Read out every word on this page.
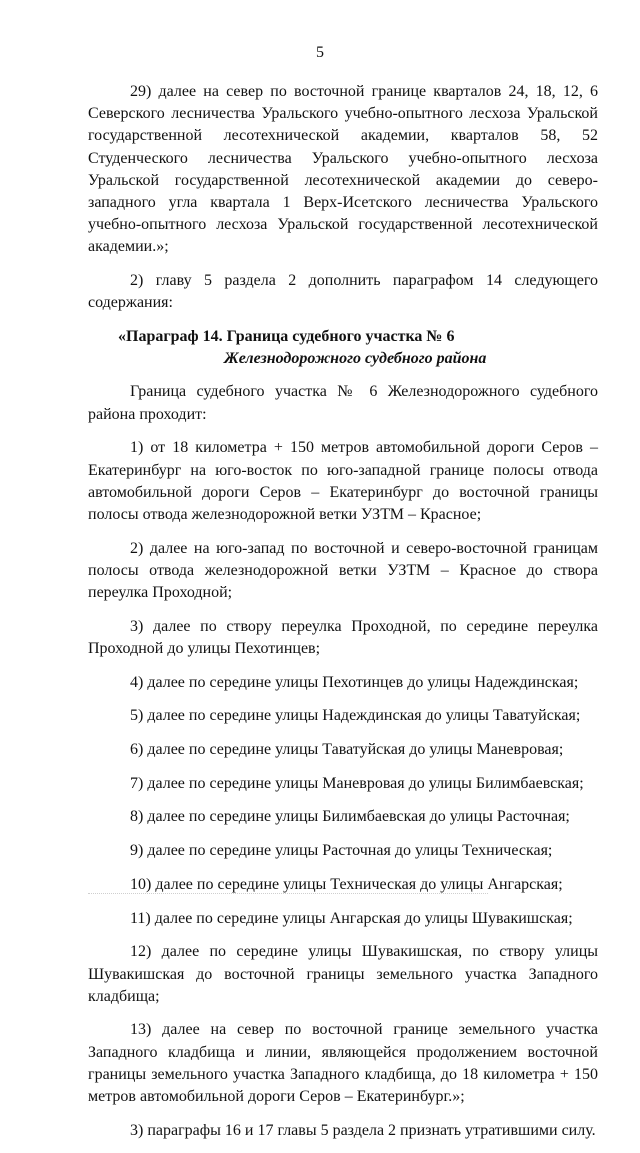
5

29) далее на север по восточной границе кварталов 24, 18, 12, 6 Северского лесничества Уральского учебно-опытного лесхоза Уральской государственной лесотехнической академии, кварталов 58, 52 Студенческого лесничества Уральского учебно-опытного лесхоза Уральской государственной лесотехнической академии до северо-западного угла квартала 1 Верх-Исетского лесничества Уральского учебно-опытного лесхоза Уральской государственной лесотехнической академии.»;

2) главу 5 раздела 2 дополнить параграфом 14 следующего содержания:

«Параграф 14. Граница судебного участка № 6
Железнодорожного судебного района

Граница судебного участка № 6 Железнодорожного судебного района проходит:

1) от 18 километра + 150 метров автомобильной дороги Серов – Екатеринбург на юго-восток по юго-западной границе полосы отвода автомобильной дороги Серов – Екатеринбург до восточной границы полосы отвода железнодорожной ветки УЗТМ – Красное;

2) далее на юго-запад по восточной и северо-восточной границам полосы отвода железнодорожной ветки УЗТМ – Красное до створа переулка Проходной;

3) далее по створу переулка Проходной, по середине переулка Проходной до улицы Пехотинцев;

4) далее по середине улицы Пехотинцев до улицы Надеждинская;

5) далее по середине улицы Надеждинская до улицы Таватуйская;

6) далее по середине улицы Таватуйская до улицы Маневровая;

7) далее по середине улицы Маневровая до улицы Билимбаевская;

8) далее по середине улицы Билимбаевская до улицы Расточная;

9) далее по середине улицы Расточная до улицы Техническая;

10) далее по середине улицы Техническая до улицы Ангарская;

11) далее по середине улицы Ангарская до улицы Шувакишская;

12) далее по середине улицы Шувакишская, по створу улицы Шувакишская до восточной границы земельного участка Западного кладбища;

13) далее на север по восточной границе земельного участка Западного кладбища и линии, являющейся продолжением восточной границы земельного участка Западного кладбища, до 18 километра + 150 метров автомобильной дороги Серов – Екатеринбург.»;

3) параграфы 16 и 17 главы 5 раздела 2 признать утратившими силу.
